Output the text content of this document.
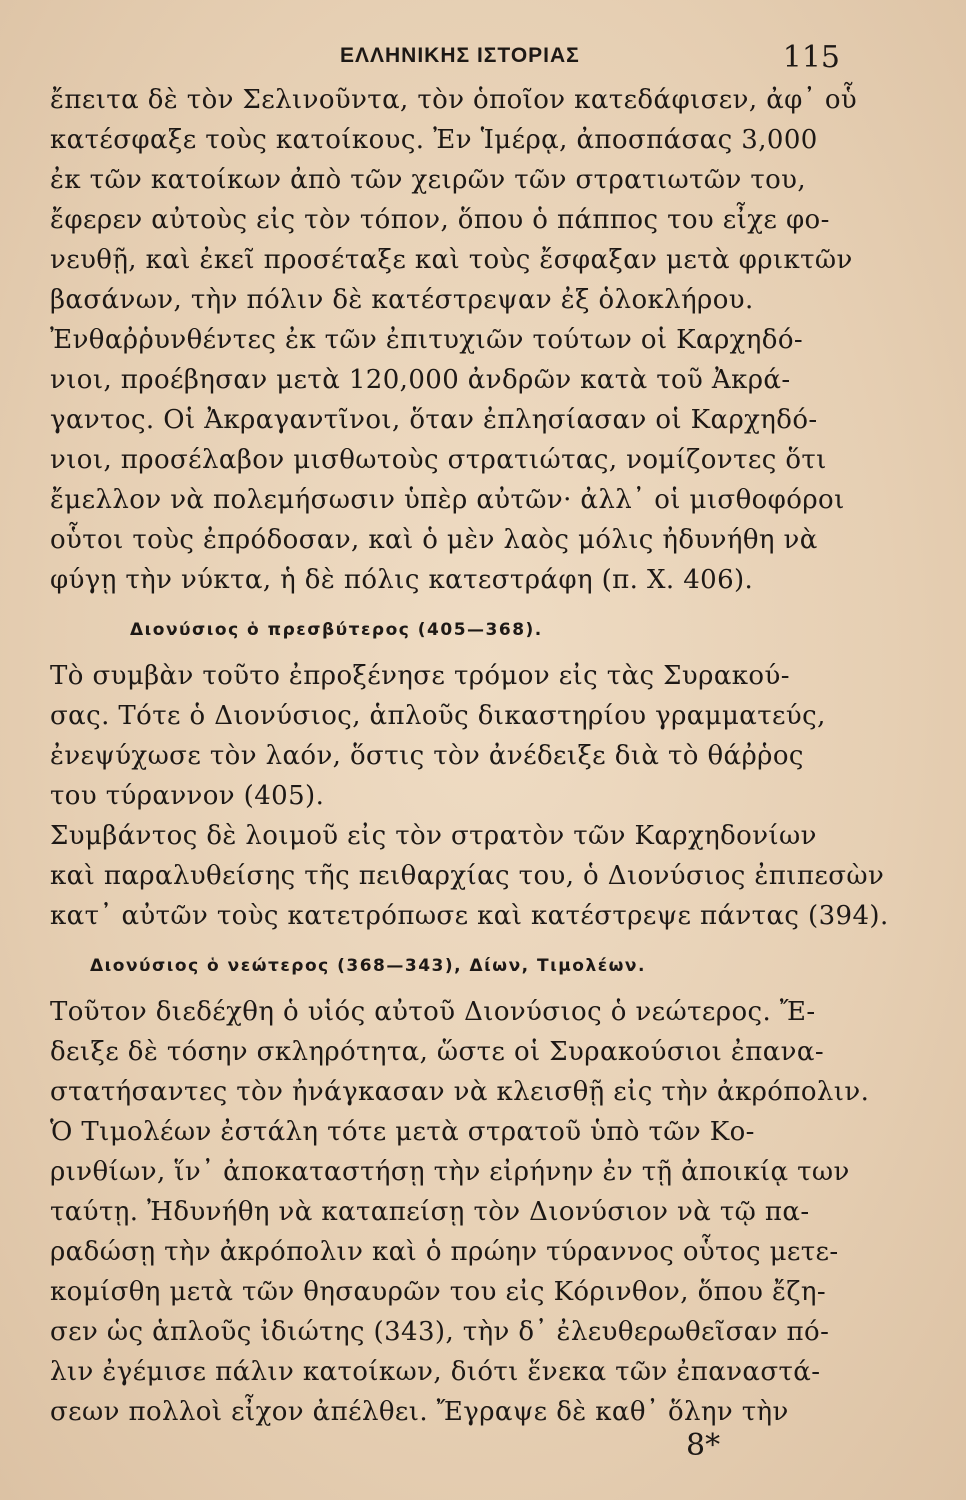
ΕΛΛΗΝΙΚΗΣ ΙΣΤΟΡΙΑΣ	115
ἔπειτα δὲ τὸν Σελινοῦντα, τὸν ὁποῖον κατεδάφισεν, ἀφ᾽ οὗ
κατέσφαξε τοὺς κατοίκους. Ἐν Ἱμέρᾳ, ἀποσπάσας 3,000
ἐκ τῶν κατοίκων ἀπὸ τῶν χειρῶν τῶν στρατιωτῶν του,
ἔφερεν αὐτοὺς εἰς τὸν τόπον, ὅπου ὁ πάππος του εἶχε φο-
νευθῇ, καὶ ἐκεῖ προσέταξε καὶ τοὺς ἔσφαξαν μετὰ φρικτῶν
βασάνων, τὴν πόλιν δὲ κατέστρεψαν ἐξ ὁλοκλήρου.
Ἐνθαῤῥυνθέντες ἐκ τῶν ἐπιτυχιῶν τούτων οἱ Καρχηδό-
νιοι, προέβησαν μετὰ 120,000 ἀνδρῶν κατὰ τοῦ Ἀκρά-
γαντος. Οἱ Ἀκραγαντῖνοι, ὅταν ἐπλησίασαν οἱ Καρχηδό-
νιοι, προσέλαβον μισθωτοὺς στρατιώτας, νομίζοντες ὅτι
ἔμελλον νὰ πολεμήσωσιν ὑπὲρ αὐτῶν· ἀλλ᾽ οἱ μισθοφόροι
οὗτοι τοὺς ἐπρόδοσαν, καὶ ὁ μὲν λαὸς μόλις ἠδυνήθη νὰ
φύγῃ τὴν νύκτα, ἡ δὲ πόλις κατεστράφη (π. Χ. 406).
Διονύσιος ὁ πρεσβύτερος (405—368).
Τὸ συμβὰν τοῦτο ἐπροξένησε τρόμον εἰς τὰς Συρακού-
σας. Τότε ὁ Διονύσιος, ἁπλοῦς δικαστηρίου γραμματεύς,
ἐνεψύχωσε τὸν λαόν, ὅστις τὸν ἀνέδειξε διὰ τὸ θάῤῥος
του τύραννον (405).
Συμβάντος δὲ λοιμοῦ εἰς τὸν στρατὸν τῶν Καρχηδονίων
καὶ παραλυθείσης τῆς πειθαρχίας του, ὁ Διονύσιος ἐπιπεσὼν
κατ᾽ αὐτῶν τοὺς κατετρόπωσε καὶ κατέστρεψε πάντας (394).
Διονύσιος ὁ νεώτερος (368—343), Δίων, Τιμολέων.
Τοῦτον διεδέχθη ὁ υἱός αὐτοῦ Διονύσιος ὁ νεώτερος. Ἔ-
δειξε δὲ τόσην σκληρότητα, ὥστε οἱ Συρακούσιοι ἐπανα-
στατήσαντες τὸν ἠνάγκασαν νὰ κλεισθῇ εἰς τὴν ἀκρόπολιν.
Ὁ Τιμολέων ἐστάλη τότε μετὰ στρατοῦ ὑπὸ τῶν Κο-
ρινθίων, ἵν᾽ ἀποκαταστήσῃ τὴν εἰρήνην ἐν τῇ ἀποικίᾳ των
ταύτῃ. Ἠδυνήθη νὰ καταπείσῃ τὸν Διονύσιον νὰ τῷ πα-
ραδώσῃ τὴν ἀκρόπολιν καὶ ὁ πρώην τύραννος οὗτος μετε-
κομίσθη μετὰ τῶν θησαυρῶν του εἰς Κόρινθον, ὅπου ἔζη-
σεν ὡς ἁπλοῦς ἰδιώτης (343), τὴν δ᾽ ἐλευθερωθεῖσαν πό-
λιν ἐγέμισε πάλιν κατοίκων, διότι ἕνεκα τῶν ἐπαναστά-
σεων πολλοὶ εἶχον ἀπέλθει. Ἔγραψε δὲ καθ᾽ ὅλην τὴν
8*
